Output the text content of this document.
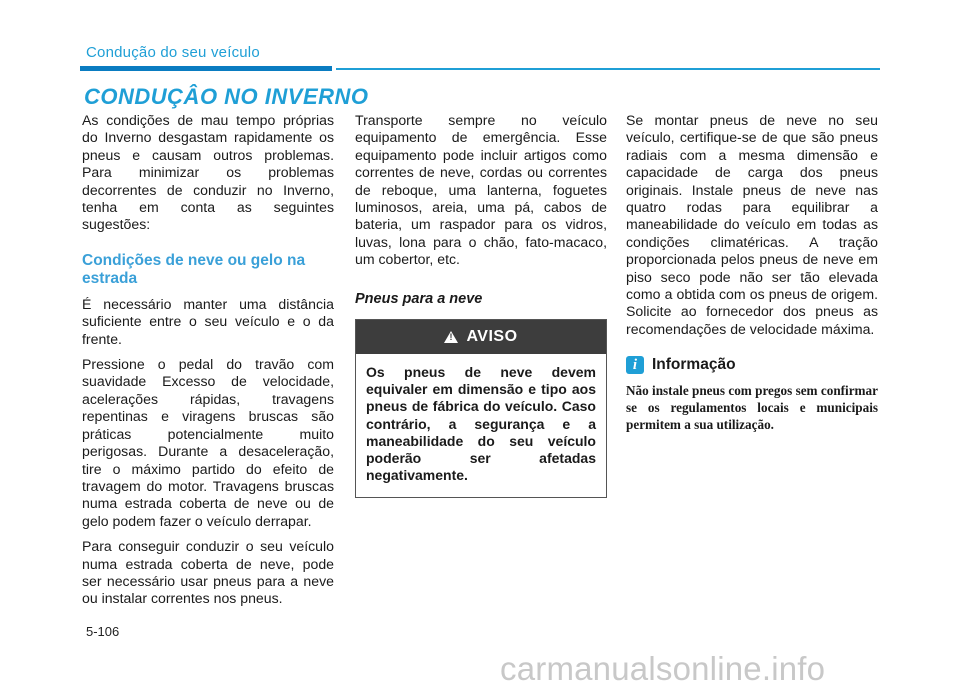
Condução do seu veículo
CONDUÇÂO NO INVERNO

As condições de mau tempo próprias do Inverno desgastam rapidamente os pneus e causam outros problemas. Para minimizar os problemas decorrentes de conduzir no Inverno, tenha em conta as seguintes sugestões:

Condições de neve ou gelo na estrada

É necessário manter uma distância suficiente entre o seu veículo e o da frente.

Pressione o pedal do travão com suavidade Excesso de velocidade, acelerações rápidas, travagens repentinas e viragens bruscas são práticas potencialmente muito perigosas. Durante a desaceleração, tire o máximo partido do efeito de travagem do motor. Travagens bruscas numa estrada coberta de neve ou de gelo podem fazer o veículo derrapar.

Para conseguir conduzir o seu veículo numa estrada coberta de neve, pode ser necessário usar pneus para a neve ou instalar correntes nos pneus.

Transporte sempre no veículo equipamento de emergência. Esse equipamento pode incluir artigos como correntes de neve, cordas ou correntes de reboque, uma lanterna, foguetes luminosos, areia, uma pá, cabos de bateria, um raspador para os vidros, luvas, lona para o chão, fato-macaco, um cobertor, etc.

Pneus para a neve
!
AVISO
Os pneus de neve devem equivaler em dimensão e tipo aos pneus de fábrica do veículo. Caso contrário, a segurança e a maneabilidade do seu veículo poderão ser afetadas negativamente.

Se montar pneus de neve no seu veículo, certifique-se de que são pneus radiais com a mesma dimensão e capacidade de carga dos pneus originais. Instale pneus de neve nas quatro rodas para equilibrar a maneabilidade do veículo em todas as condições climatéricas. A tração proporcionada pelos pneus de neve em piso seco pode não ser tão elevada como a obtida com os pneus de origem. Solicite ao fornecedor dos pneus as recomendações de velocidade máxima.

i Informação

Não instale pneus com pregos sem confirmar se os regulamentos locais e municipais permitem a sua utilização.

5-106
carmanualsonline.info
